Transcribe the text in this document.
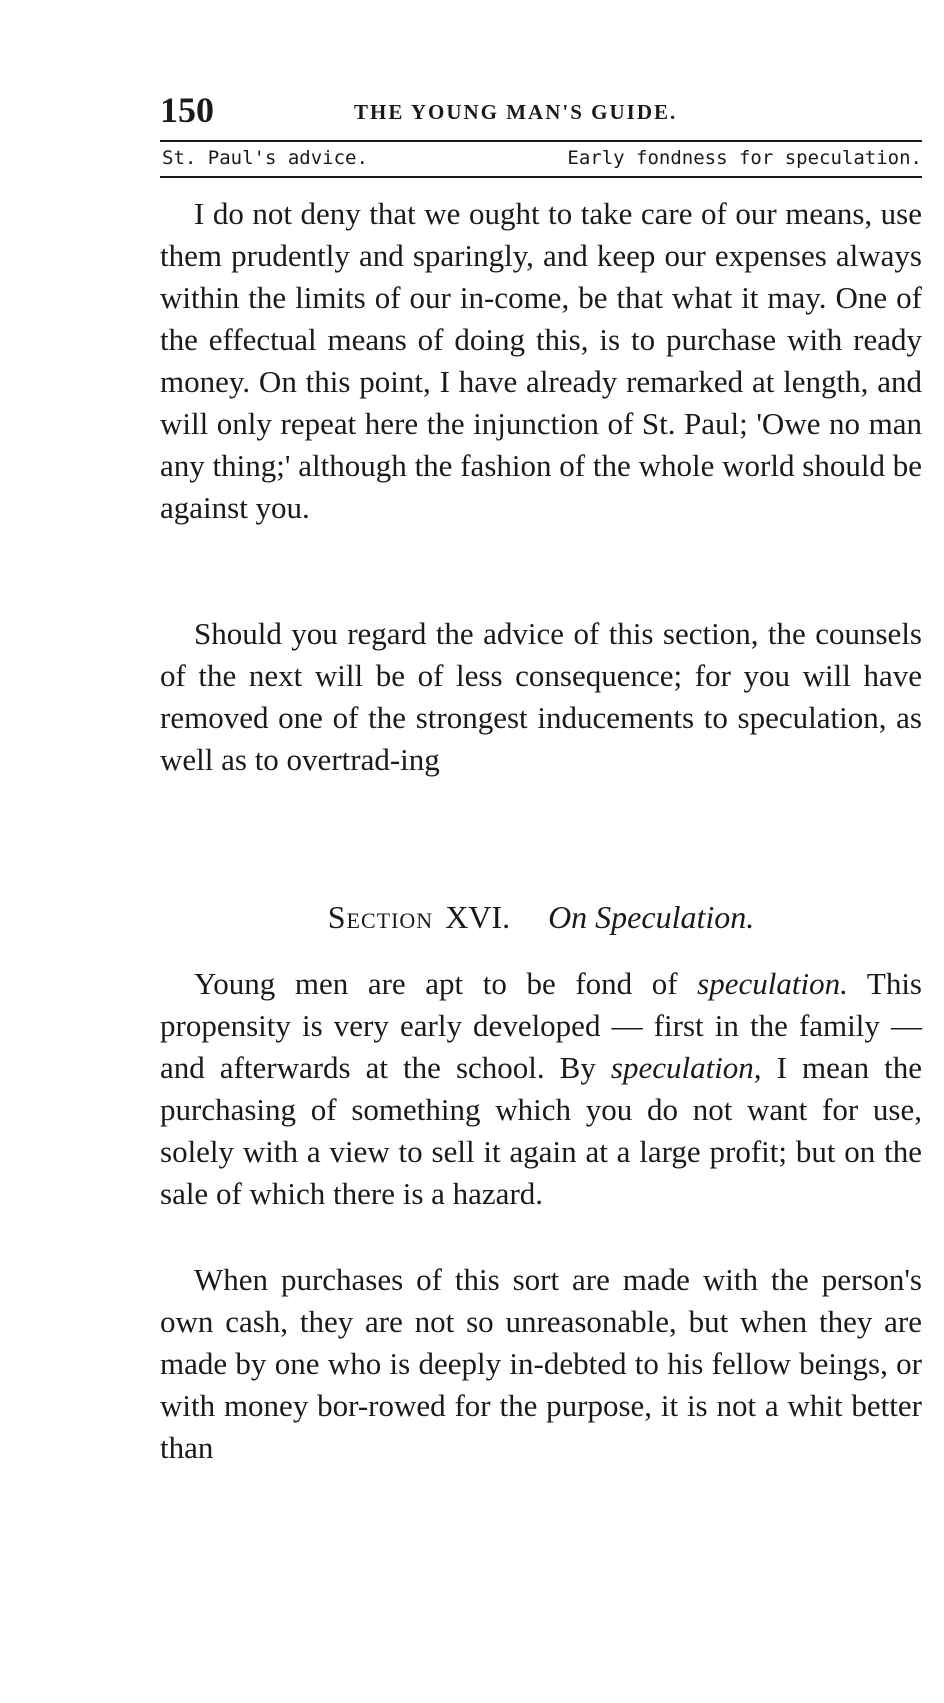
150	THE YOUNG MAN'S GUIDE.
St. Paul's advice.	Early fondness for speculation.

I do not deny that we ought to take care of our means, use them prudently and sparingly, and keep our expenses always within the limits of our in-come, be that what it may. One of the effectual means of doing this, is to purchase with ready money. On this point, I have already remarked at length, and will only repeat here the injunction of St. Paul; 'Owe no man any thing;' although the fashion of the whole world should be against you.

Should you regard the advice of this section, the counsels of the next will be of less consequence; for you will have removed one of the strongest inducements to speculation, as well as to overtrad-ing

Section XVI. On Speculation.

Young men are apt to be fond of speculation. This propensity is very early developed — first in the family — and afterwards at the school. By speculation, I mean the purchasing of something which you do not want for use, solely with a view to sell it again at a large profit; but on the sale of which there is a hazard.

When purchases of this sort are made with the person's own cash, they are not so unreasonable, but when they are made by one who is deeply in-debted to his fellow beings, or with money bor-rowed for the purpose, it is not a whit better than
